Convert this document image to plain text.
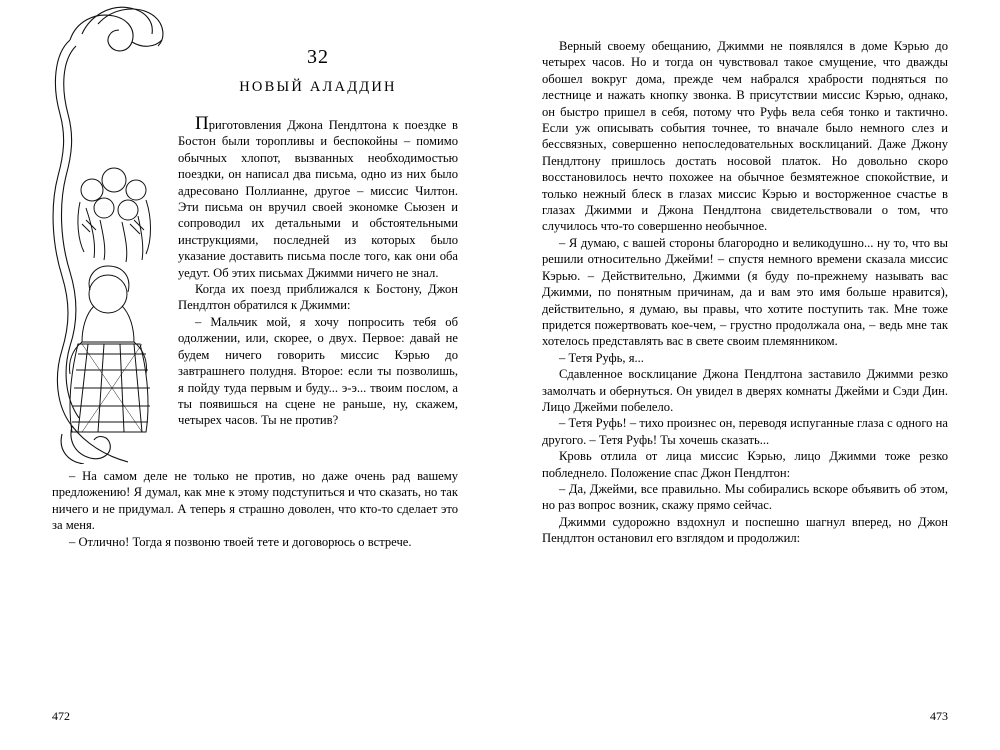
32
НОВЫЙ АЛАДДИН

Приготовления Джона Пендлтона к поездке в Бостон были торопливы и беспокойны – помимо обычных хлопот, вызванных необходимостью поездки, он написал два письма, одно из них было адресовано Поллианне, другое – миссис Чилтон. Эти письма он вручил своей экономке Сьюзен и сопроводил их детальными и обстоятельными инструкциями, последней из которых было указание доставить письма после того, как они оба уедут. Об этих письмах Джимми ничего не знал.

Когда их поезд приближался к Бостону, Джон Пендлтон обратился к Джимми:

– Мальчик мой, я хочу попросить тебя об одолжении, или, скорее, о двух. Первое: давай не будем ничего говорить миссис Кэрью до завтрашнего полудня. Второе: если ты позволишь, я пойду туда первым и буду... э-э... твоим послом, а ты появишься на сцене не раньше, ну, скажем, четырех часов. Ты не против?

– На самом деле не только не против, но даже очень рад вашему предложению! Я думал, как мне к этому подступиться и что сказать, но так ничего и не придумал. А теперь я страшно доволен, что кто-то сделает это за меня.

– Отлично! Тогда я позвоню твоей тете и договорюсь о встрече.

472

Верный своему обещанию, Джимми не появлялся в доме Кэрью до четырех часов. Но и тогда он чувствовал такое смущение, что дважды обошел вокруг дома, прежде чем набрался храбрости подняться по лестнице и нажать кнопку звонка. В присутствии миссис Кэрью, однако, он быстро пришел в себя, потому что Руфь вела себя тонко и тактично. Если уж описывать события точнее, то вначале было немного слез и бессвязных, совершенно непоследовательных восклицаний. Даже Джону Пендлтону пришлось достать носовой платок. Но довольно скоро восстановилось нечто похожее на обычное безмятежное спокойствие, и только нежный блеск в глазах миссис Кэрью и восторженное счастье в глазах Джимми и Джона Пендлтона свидетельствовали о том, что случилось что-то совершенно необычное.

– Я думаю, с вашей стороны благородно и великодушно... ну то, что вы решили относительно Джейми! – спустя немного времени сказала миссис Кэрью. – Действительно, Джимми (я буду по-прежнему называть вас Джимми, по понятным причинам, да и вам это имя больше нравится), действительно, я думаю, вы правы, что хотите поступить так. Мне тоже придется пожертвовать кое-чем, – грустно продолжала она, – ведь мне так хотелось представлять вас в свете своим племянником.

– Тетя Руфь, я...

Сдавленное восклицание Джона Пендлтона заставило Джимми резко замолчать и обернуться. Он увидел в дверях комнаты Джейми и Сэди Дин. Лицо Джейми побелело.

– Тетя Руфь! – тихо произнес он, переводя испуганные глаза с одного на другого. – Тетя Руфь! Ты хочешь сказать...

Кровь отлила от лица миссис Кэрью, лицо Джимми тоже резко побледнело. Положение спас Джон Пендлтон:

– Да, Джейми, все правильно. Мы собирались вскоре объявить об этом, но раз вопрос возник, скажу прямо сейчас.

Джимми судорожно вздохнул и поспешно шагнул вперед, но Джон Пендлтон остановил его взглядом и продолжил:

473
